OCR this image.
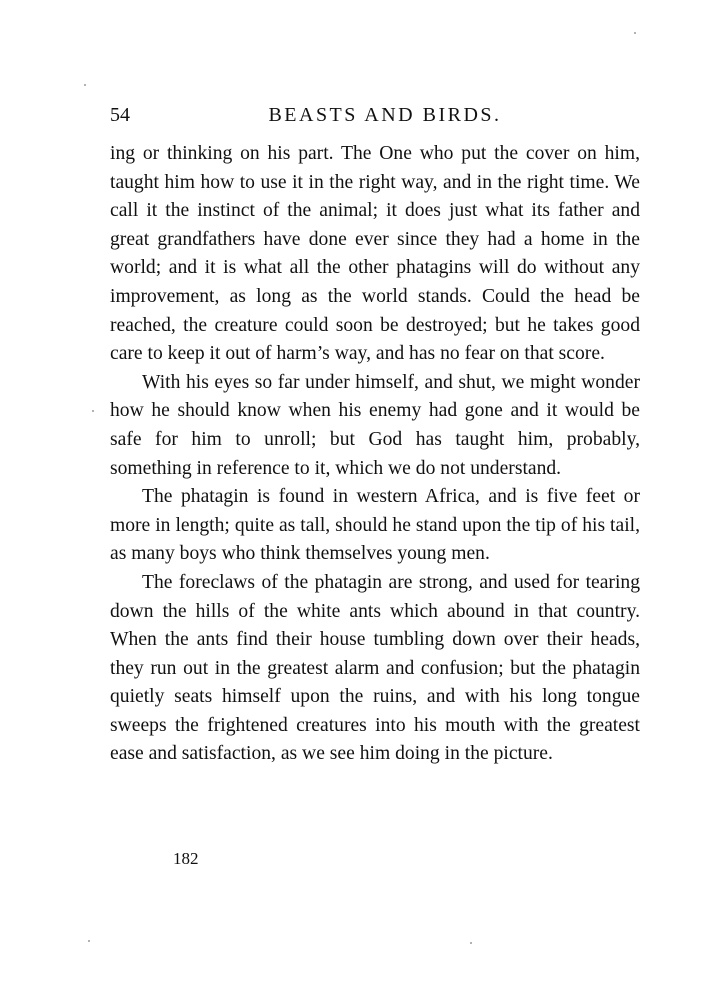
54	BEASTS AND BIRDS.

ing or thinking on his part. The One who put the cover on him, taught him how to use it in the right way, and in the right time. We call it the instinct of the animal; it does just what its father and great grandfathers have done ever since they had a home in the world; and it is what all the other phatagins will do without any improvement, as long as the world stands. Could the head be reached, the creature could soon be destroyed; but he takes good care to keep it out of harm’s way, and has no fear on that score.

With his eyes so far under himself, and shut, we might wonder how he should know when his enemy had gone and it would be safe for him to unroll; but God has taught him, probably, something in reference to it, which we do not understand.

The phatagin is found in western Africa, and is five feet or more in length; quite as tall, should he stand upon the tip of his tail, as many boys who think themselves young men.

The foreclaws of the phatagin are strong, and used for tearing down the hills of the white ants which abound in that country. When the ants find their house tumbling down over their heads, they run out in the greatest alarm and confusion; but the phatagin quietly seats himself upon the ruins, and with his long tongue sweeps the frightened creatures into his mouth with the greatest ease and satisfaction, as we see him doing in the picture.

182
